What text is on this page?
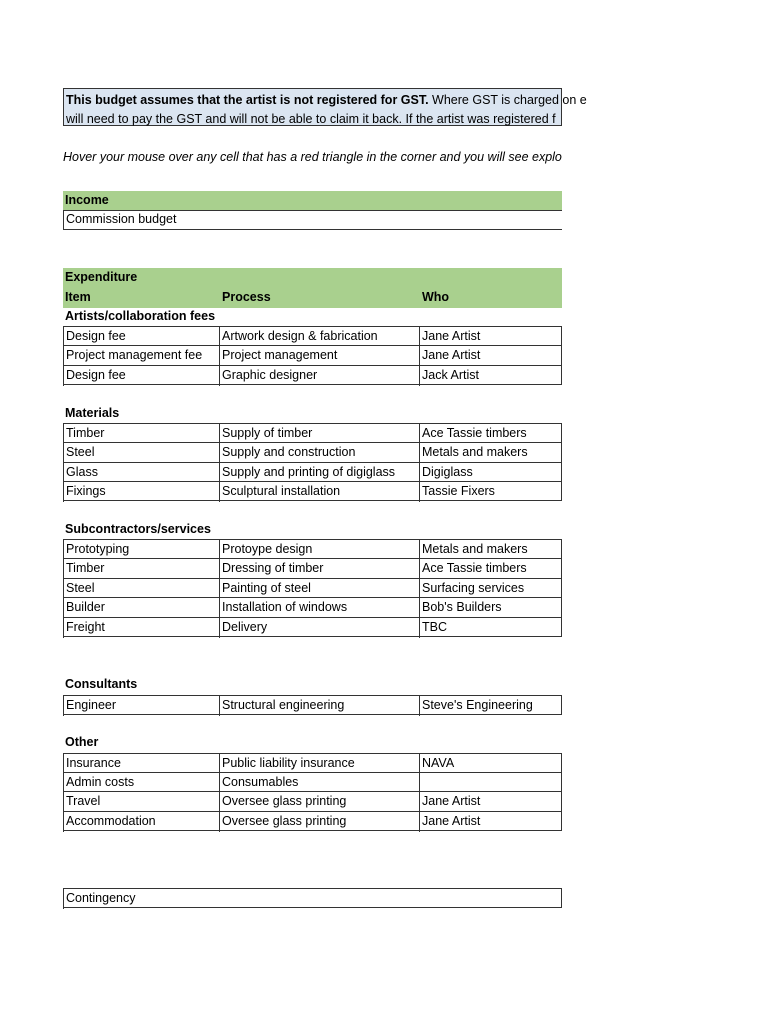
This budget assumes that the artist is not registered for GST. Where GST is charged on e
will need to pay the GST and will not be able to claim it back. If the artist was registered f
Hover your mouse over any cell that has a red triangle in the corner and you will see explo
Income
Commission budget
Expenditure
Item	Process	Who
Artists/collaboration fees
Design fee	Artwork design & fabrication	Jane Artist
Project management fee	Project management	Jane Artist
Design fee	Graphic designer	Jack Artist
Materials
Timber	Supply of timber	Ace Tassie timbers
Steel	Supply and construction	Metals and makers
Glass	Supply and printing of digiglass	Digiglass
Fixings	Sculptural installation	Tassie Fixers
Subcontractors/services
Prototyping	Protoype design	Metals and makers
Timber	Dressing of timber	Ace Tassie timbers
Steel	Painting of steel	Surfacing services
Builder	Installation of windows	Bob's Builders
Freight	Delivery	TBC
Consultants
Engineer	Structural engineering	Steve's Engineering
Other
Insurance	Public liability insurance	NAVA
Admin costs	Consumables
Travel	Oversee glass printing	Jane Artist
Accommodation	Oversee glass printing	Jane Artist
Contingency
